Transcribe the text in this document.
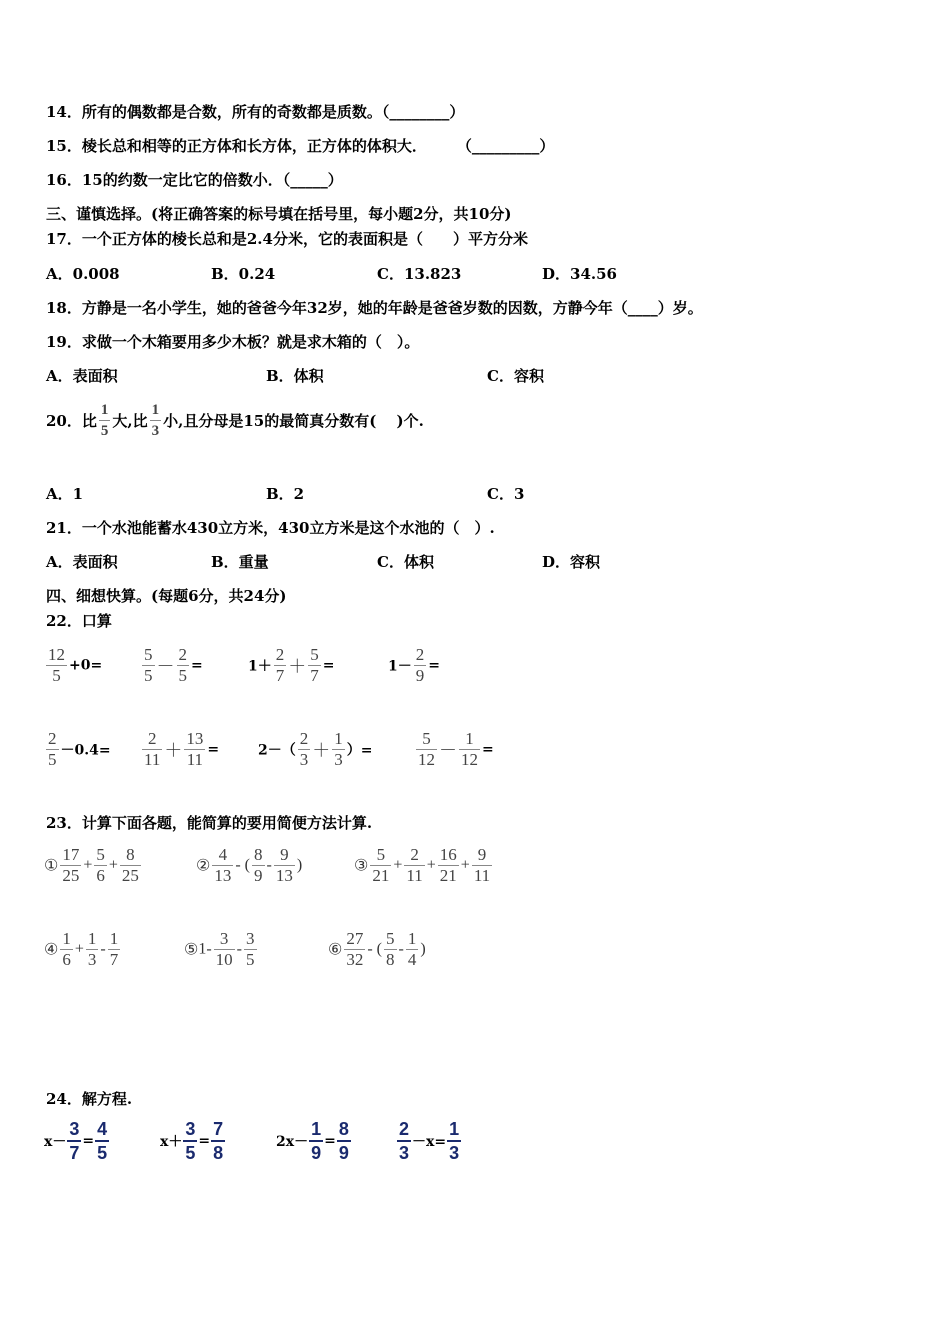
14．所有的偶数都是合数，所有的奇数都是质数。（________）
15．棱长总和相等的正方体和长方体，正方体的体积大．　　　（_________）
16．15的约数一定比它的倍数小．（_____）
三、谨慎选择。(将正确答案的标号填在括号里，每小题2分，共10分)
17．一个正方体的棱长总和是2.4分米，它的表面积是（　　）平方分米
A．0.008	B．0.24	C．13.823	D．34.56
18．方静是一名小学生，她的爸爸今年32岁，她的年龄是爸爸岁数的因数，方静今年（____）岁。
19．求做一个木箱要用多少木板？就是求木箱的（　）。
A．表面积	B．体积	C．容积
20．比 $\frac{1}{5}$ 大,比 $\frac{1}{3}$ 小,且分母是15的最简真分数有(　 )个.
A．1	B．2	C．3
21．一个水池能蓄水430立方米，430立方米是这个水池的（　）.
A．表面积	B．重量	C．体积	D．容积
四、细想快算。(每题6分，共24分)
22．口算
$\frac{12}{5} +0= \frac{5}{5} - \frac{2}{5}$ =	$1+ \frac{2}{7} + \frac{5}{7}$ =	$1- \frac{2}{9}$ =
$\frac{2}{5} -0.4= \frac{2}{11} + \frac{13}{11}$ =	$2-( \frac{2}{3} + \frac{1}{3}$ ）=	$\frac{5}{12} - \frac{1}{12}$ =
23．计算下面各题，能简算的要用简便方法计算.
① $\frac{17}{25} + \frac{5}{6} + \frac{8}{25}$	② $\frac{4}{13}$ - ( $\frac{8}{9} - \frac{9}{13}$ )	③ $\frac{5}{21} + \frac{2}{11} + \frac{16}{21} + \frac{9}{11}$
④ $\frac{1}{6} + \frac{1}{3} - \frac{1}{7}$	⑤1- $\frac{3}{10} - \frac{3}{5}$	⑥ $\frac{27}{32}$ - ( $\frac{5}{8} - \frac{1}{4}$ )
24．解方程.
$x- \frac{3}{7} = \frac{4}{5}$	$x+ \frac{3}{5} = \frac{7}{8}$	$2x- \frac{1}{9} = \frac{8}{9}$	$\frac{2}{3} -x= \frac{1}{3}$
